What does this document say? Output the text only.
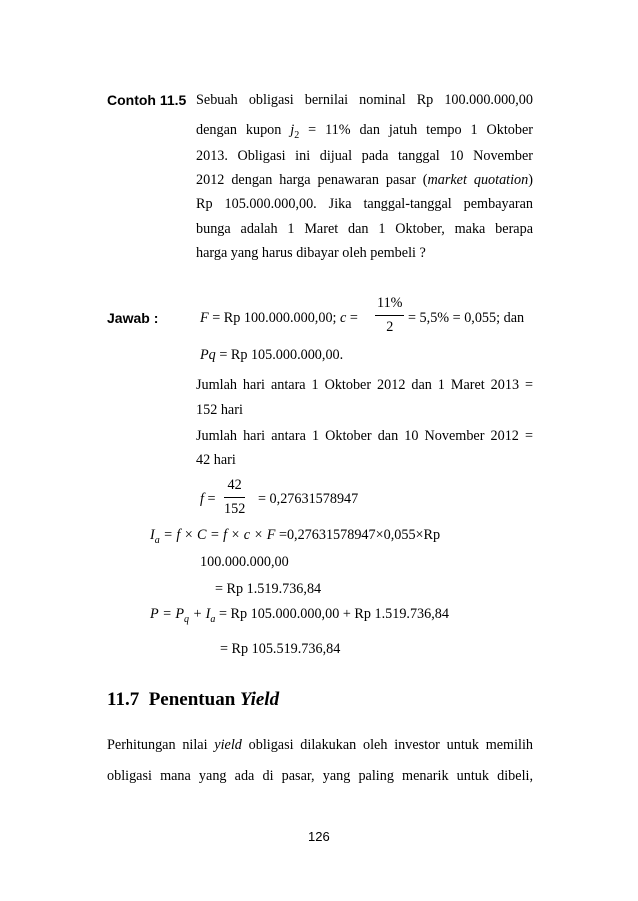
Contoh 11.5 Sebuah obligasi bernilai nominal Rp 100.000.000,00
dengan kupon $j_2 = 11\%$ dan jatuh tempo 1 Oktober
2013. Obligasi ini dijual pada tanggal 10 November
2012 dengan harga penawaran pasar (market quotation)
Rp 105.000.000,00. Jika tanggal-tanggal pembayaran
bunga adalah 1 Maret dan 1 Oktober, maka berapa
harga yang harus dibayar oleh pembeli ?
Jawab :	F = Rp 100.000.000,00; $c = \frac{11\%}{2} = 5,5\% = 0,055$; dan
Pq = Rp 105.000.000,00.
Jumlah hari antara 1 Oktober 2012 dan 1 Maret 2013 =
152 hari
Jumlah hari antara 1 Oktober dan 10 November 2012 =
42 hari
$f = \frac{42}{152} = 0,27631578947$
$I_a = f \times C = f \times c \times F =0,27631578947\times 0,055\times Rp$
100.000.000,00
= Rp 1.519.736,84
$P = P_q + I_a = Rp$ 105.000.000,00 + Rp 1.519.736,84
= Rp 105.519.736,84
11.7 Penentuan Yield
Perhitungan nilai yield obligasi dilakukan oleh investor untuk memilih
obligasi mana yang ada di pasar, yang paling menarik untuk dibeli,
126
